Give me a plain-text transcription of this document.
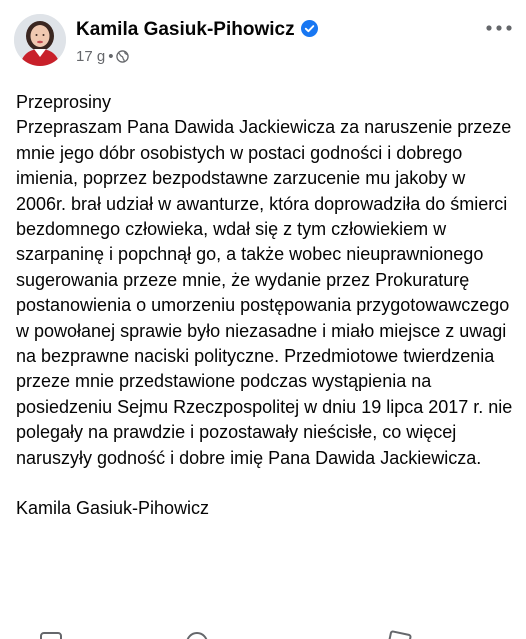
Kamila Gasiuk-Pihowicz
17 g •

Przeprosiny

Przepraszam Pana Dawida Jackiewicza za naruszenie przeze mnie jego dóbr osobistych w postaci godności i dobrego imienia, poprzez bezpodstawne zarzucenie mu jakoby w 2006r. brał udział w awanturze, która doprowadziła do śmierci bezdomnego człowieka, wdał się z tym człowiekiem w szarpaninę i popchnął go, a także wobec nieuprawnionego sugerowania przeze mnie, że wydanie przez Prokuraturę postanowienia o umorzeniu postępowania przygotowawczego w powołanej sprawie było niezasadne i miało miejsce z uwagi na bezprawne naciski polityczne. Przedmiotowe twierdzenia przeze mnie przedstawione podczas wystąpienia na posiedzeniu Sejmu Rzeczpospolitej w dniu 19 lipca 2017 r. nie polegały na prawdzie i pozostawały nieścisłe, co więcej naruszyły godność i dobre imię Pana Dawida Jackiewicza.

Kamila Gasiuk-Pihowicz
